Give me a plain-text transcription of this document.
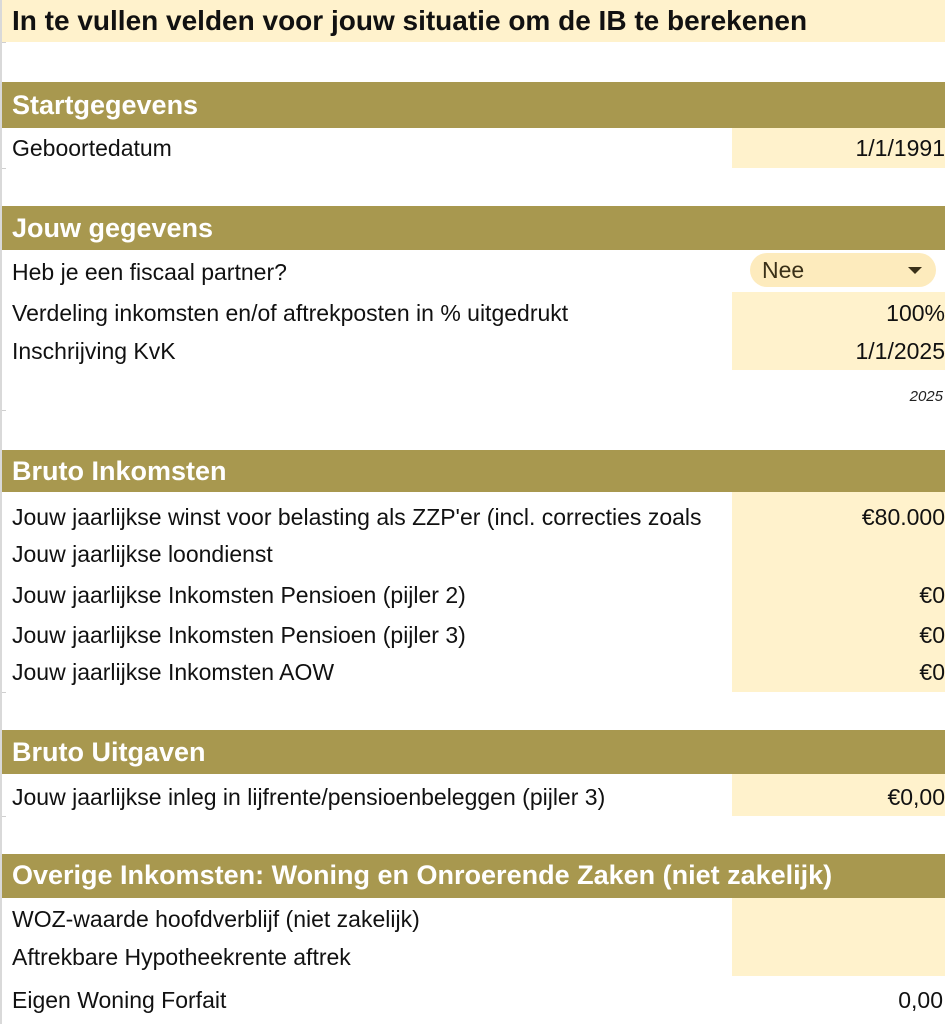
In te vullen velden voor jouw situatie om de IB te berekenen
Startgegevens
Geboortedatum	1/1/1991
Jouw gegevens
Heb je een fiscaal partner?	Nee
Verdeling inkomsten en/of aftrekposten in % uitgedrukt	100%
Inschrijving KvK	1/1/2025
2025
Bruto Inkomsten
Jouw jaarlijkse winst voor belasting als ZZP'er (incl. correcties zoals	€80.000
Jouw jaarlijkse loondienst
Jouw jaarlijkse Inkomsten Pensioen (pijler 2)	€0
Jouw jaarlijkse Inkomsten Pensioen (pijler 3)	€0
Jouw jaarlijkse Inkomsten AOW	€0
Bruto Uitgaven
Jouw jaarlijkse inleg in lijfrente/pensioenbeleggen (pijler 3)	€0,00
Overige Inkomsten: Woning en Onroerende Zaken (niet zakelijk)
WOZ-waarde hoofdverblijf (niet zakelijk)
Aftrekbare Hypotheekrente aftrek
Eigen Woning Forfait	0,00
